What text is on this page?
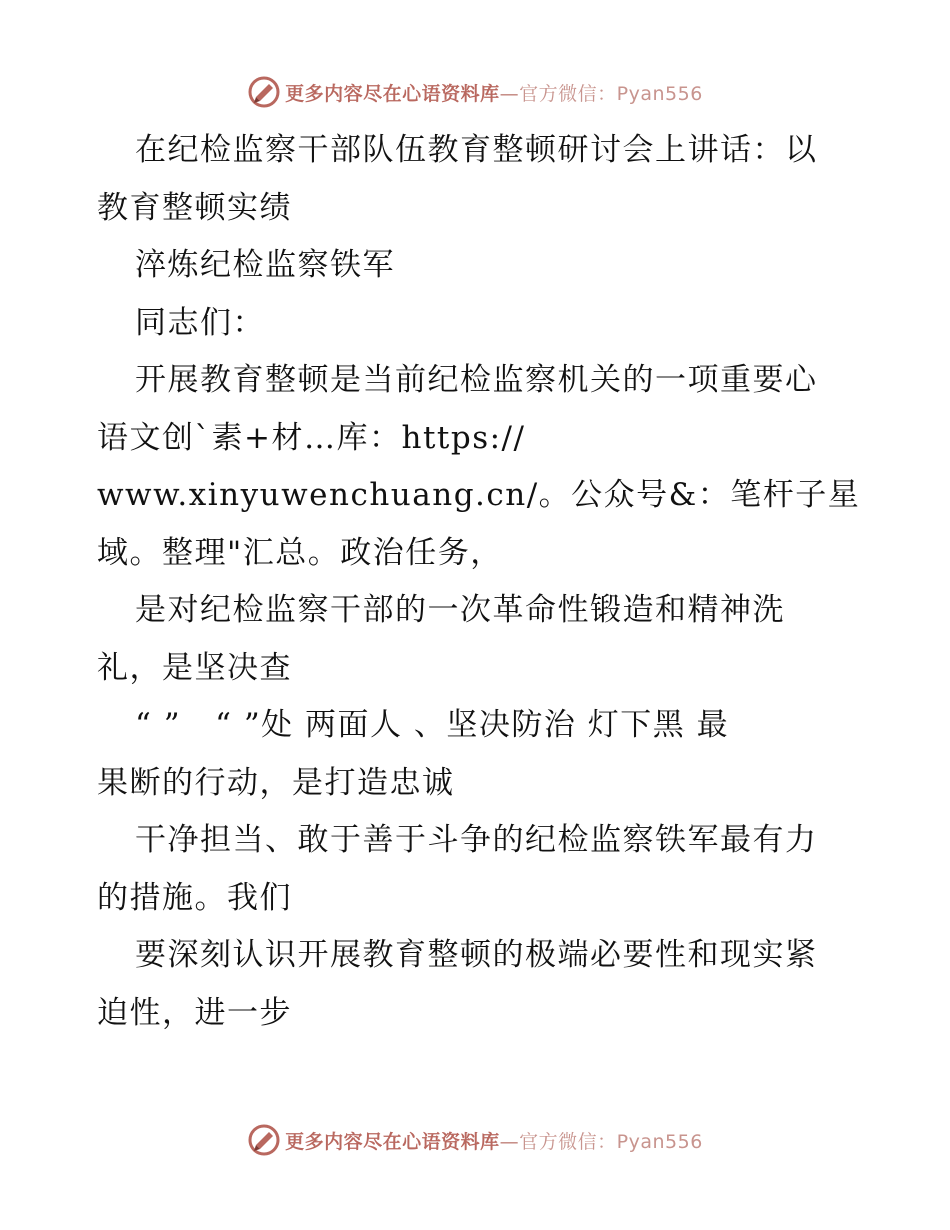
更多内容尽在心语资料库—官方微信：Pyan556
在纪检监察干部队伍教育整顿研讨会上讲话：以
教育整顿实绩
淬炼纪检监察铁军
同志们：
开展教育整顿是当前纪检监察机关的一项重要心
语文创`素+材…库：https://
www.xinyuwenchuang.cn/。公众号&：笔杆子星
域。整理"汇总。政治任务，
是对纪检监察干部的一次革命性锻造和精神洗
礼，是坚决查
“ ”   “ ”处 两面人 、坚决防治 灯下黑 最
果断的行动，是打造忠诚
干净担当、敢于善于斗争的纪检监察铁军最有力
的措施。我们
要深刻认识开展教育整顿的极端必要性和现实紧
迫性，进一步
更多内容尽在心语资料库—官方微信：Pyan556
